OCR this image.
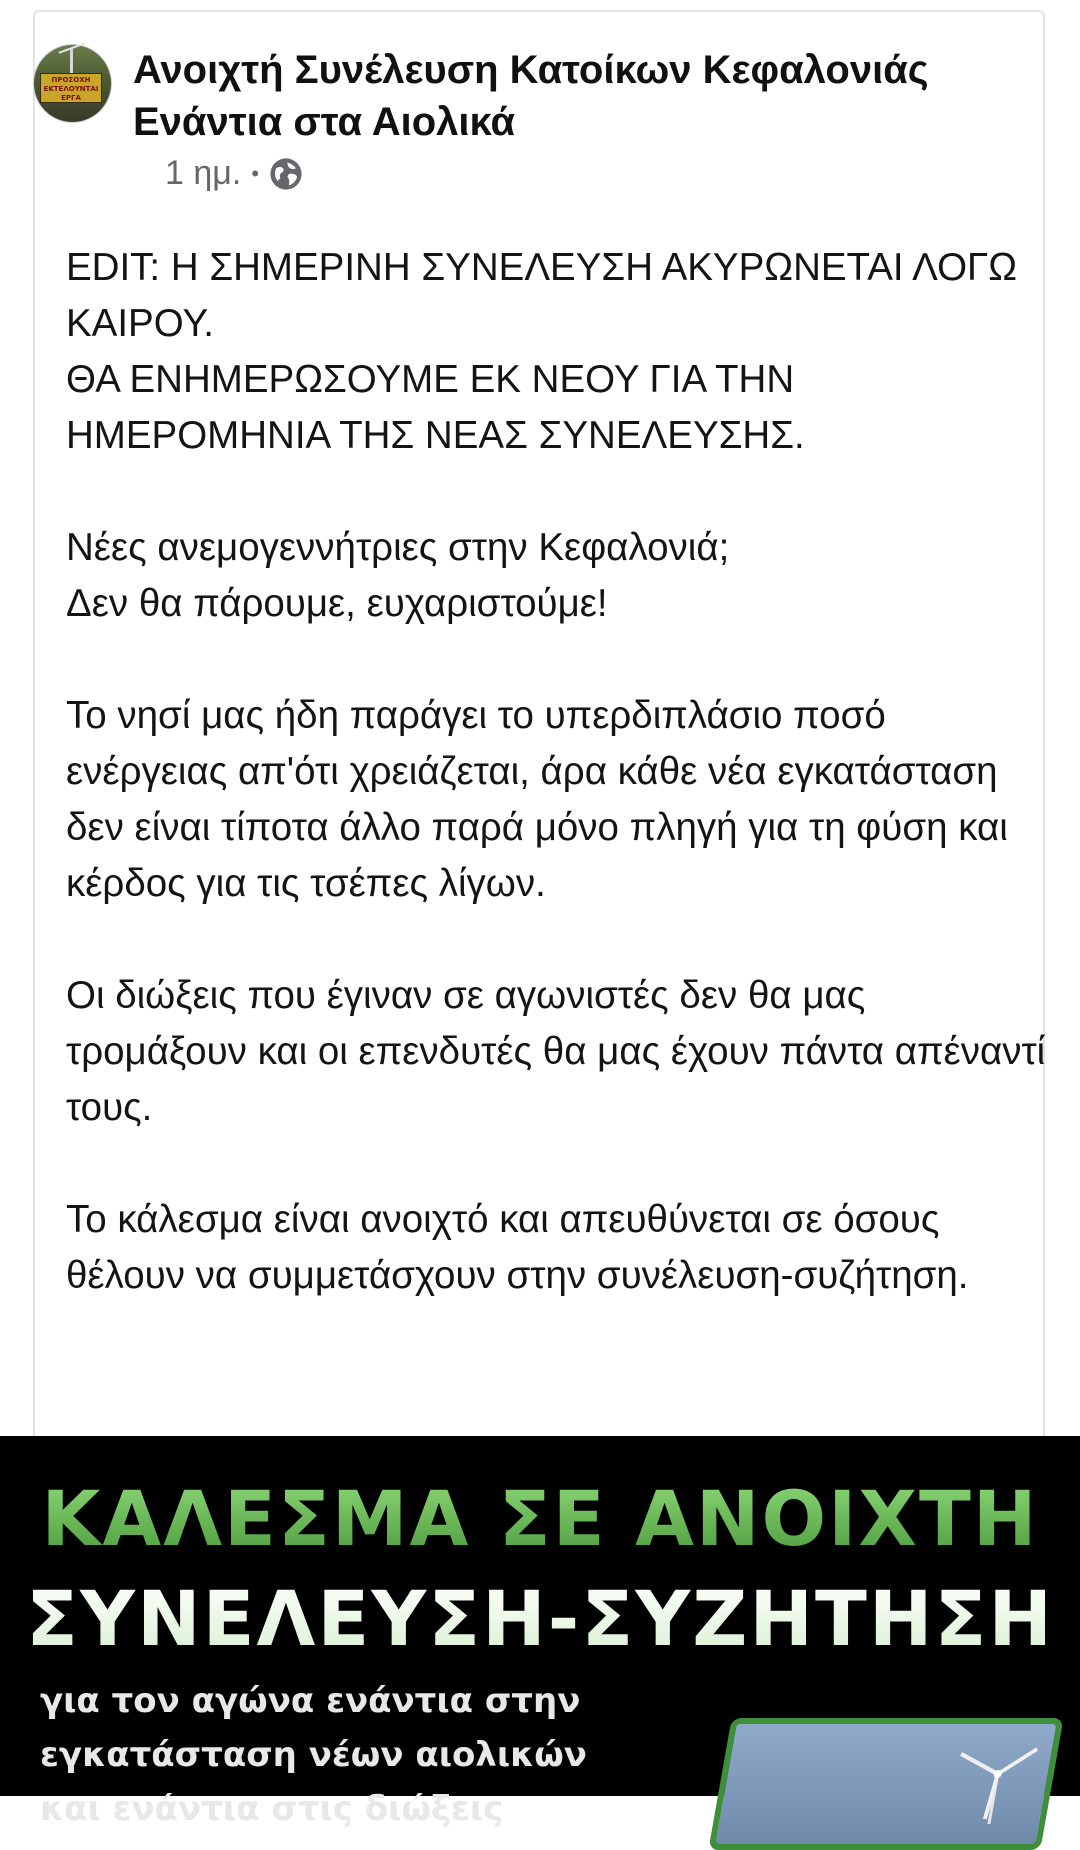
ΠΡΟΣΟΧΗ ΕΚΤΕΛΟΥΝΤΑΙ ΕΡΓΑ
Ανοιχτή Συνέλευση Κατοίκων Κεφαλονιάς Ενάντια στα Αιολικά
1 ημ. •

EDIT: Η ΣΗΜΕΡΙΝΗ ΣΥΝΕΛΕΥΣΗ ΑΚΥΡΩΝΕΤΑΙ ΛΟΓΩ ΚΑΙΡΟΥ.
ΘΑ ΕΝΗΜΕΡΩΣΟΥΜΕ ΕΚ ΝΕΟΥ ΓΙΑ ΤΗΝ ΗΜΕΡΟΜΗΝΙΑ ΤΗΣ ΝΕΑΣ ΣΥΝΕΛΕΥΣΗΣ.

Νέες ανεμογεννήτριες στην Κεφαλονιά;
Δεν θα πάρουμε, ευχαριστούμε!

Το νησί μας ήδη παράγει το υπερδιπλάσιο ποσό ενέργειας απ'ότι χρειάζεται, άρα κάθε νέα εγκατάσταση δεν είναι τίποτα άλλο παρά μόνο πληγή για τη φύση και κέρδος για τις τσέπες λίγων.

Οι διώξεις που έγιναν σε αγωνιστές δεν θα μας τρομάξουν και οι επενδυτές θα μας έχουν πάντα απέναντί τους.

Το κάλεσμα είναι ανοιχτό και απευθύνεται σε όσους θέλουν να συμμετάσχουν στην συνέλευση-συζήτηση.

ΚΑΛΕΣΜΑ ΣΕ ΑΝΟΙΧΤΗ
ΣΥΝΕΛΕΥΣΗ-ΣΥΖΗΤΗΣΗ
για τον αγώνα ενάντια στην
εγκατάσταση νέων αιολικών
και ενάντια στις διώξεις
